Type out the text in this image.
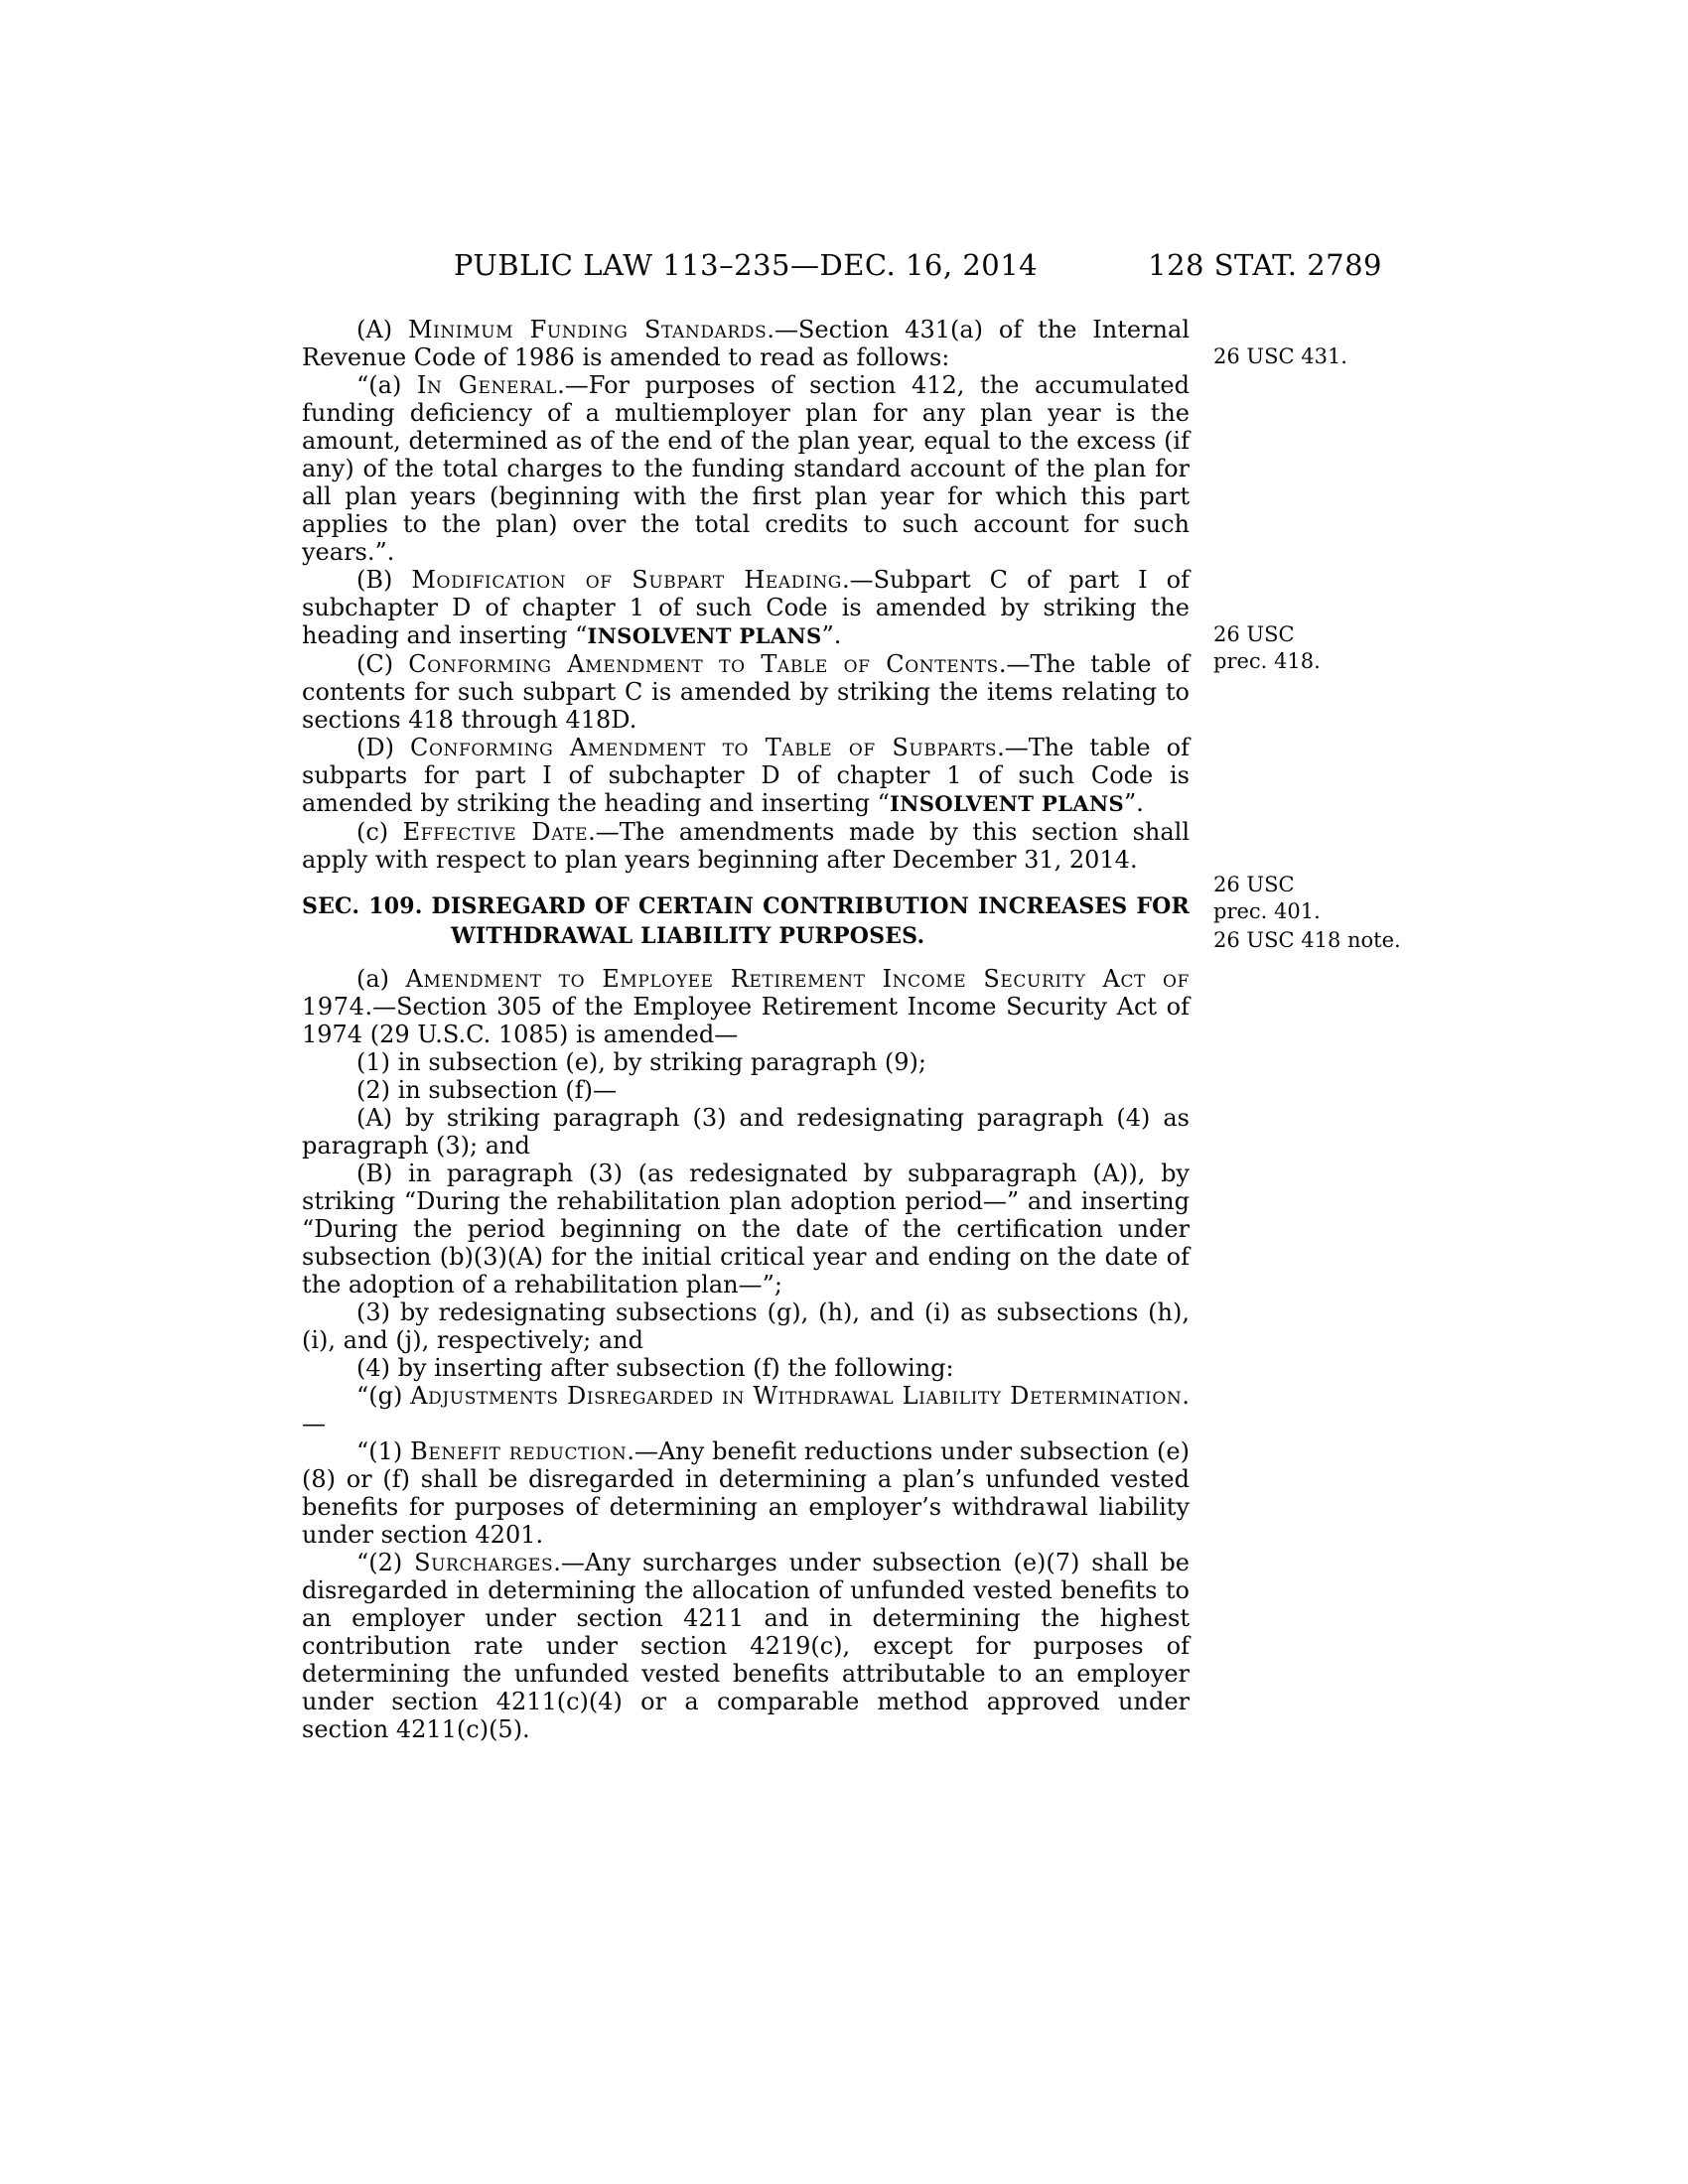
PUBLIC LAW 113–235—DEC. 16, 2014	128 STAT. 2789
26 USC 431.
26 USC
prec. 418.
26 USC
prec. 401.
26 USC 418 note.

(A) Minimum Funding Standards.—Section 431(a) of the Internal Revenue Code of 1986 is amended to read as follows:

“(a) In General.—For purposes of section 412, the accumulated funding deficiency of a multiemployer plan for any plan year is the amount, determined as of the end of the plan year, equal to the excess (if any) of the total charges to the funding standard account of the plan for all plan years (beginning with the first plan year for which this part applies to the plan) over the total credits to such account for such years.”.

(B) Modification of Subpart Heading.—Subpart C of part I of subchapter D of chapter 1 of such Code is amended by striking the heading and inserting “INSOLVENT PLANS”.

(C) Conforming Amendment to Table of Contents.—The table of contents for such subpart C is amended by striking the items relating to sections 418 through 418D.

(D) Conforming Amendment to Table of Subparts.—The table of subparts for part I of subchapter D of chapter 1 of such Code is amended by striking the heading and inserting “INSOLVENT PLANS”.

(c) Effective Date.—The amendments made by this section shall apply with respect to plan years beginning after December 31, 2014.

SEC. 109. DISREGARD OF CERTAIN CONTRIBUTION INCREASES FOR WITHDRAWAL LIABILITY PURPOSES.

(a) Amendment to Employee Retirement Income Security Act of 1974.—Section 305 of the Employee Retirement Income Security Act of 1974 (29 U.S.C. 1085) is amended—

(1) in subsection (e), by striking paragraph (9);

(2) in subsection (f)—

(A) by striking paragraph (3) and redesignating paragraph (4) as paragraph (3); and

(B) in paragraph (3) (as redesignated by subparagraph (A)), by striking “During the rehabilitation plan adoption period—” and inserting “During the period beginning on the date of the certification under subsection (b)(3)(A) for the initial critical year and ending on the date of the adoption of a rehabilitation plan—”;

(3) by redesignating subsections (g), (h), and (i) as subsections (h), (i), and (j), respectively; and

(4) by inserting after subsection (f) the following:

“(g) Adjustments Disregarded in Withdrawal Liability Determination.—

“(1) Benefit reduction.—Any benefit reductions under subsection (e)(8) or (f) shall be disregarded in determining a plan’s unfunded vested benefits for purposes of determining an employer’s withdrawal liability under section 4201.

“(2) Surcharges.—Any surcharges under subsection (e)(7) shall be disregarded in determining the allocation of unfunded vested benefits to an employer under section 4211 and in determining the highest contribution rate under section 4219(c), except for purposes of determining the unfunded vested benefits attributable to an employer under section 4211(c)(4) or a comparable method approved under section 4211(c)(5).
